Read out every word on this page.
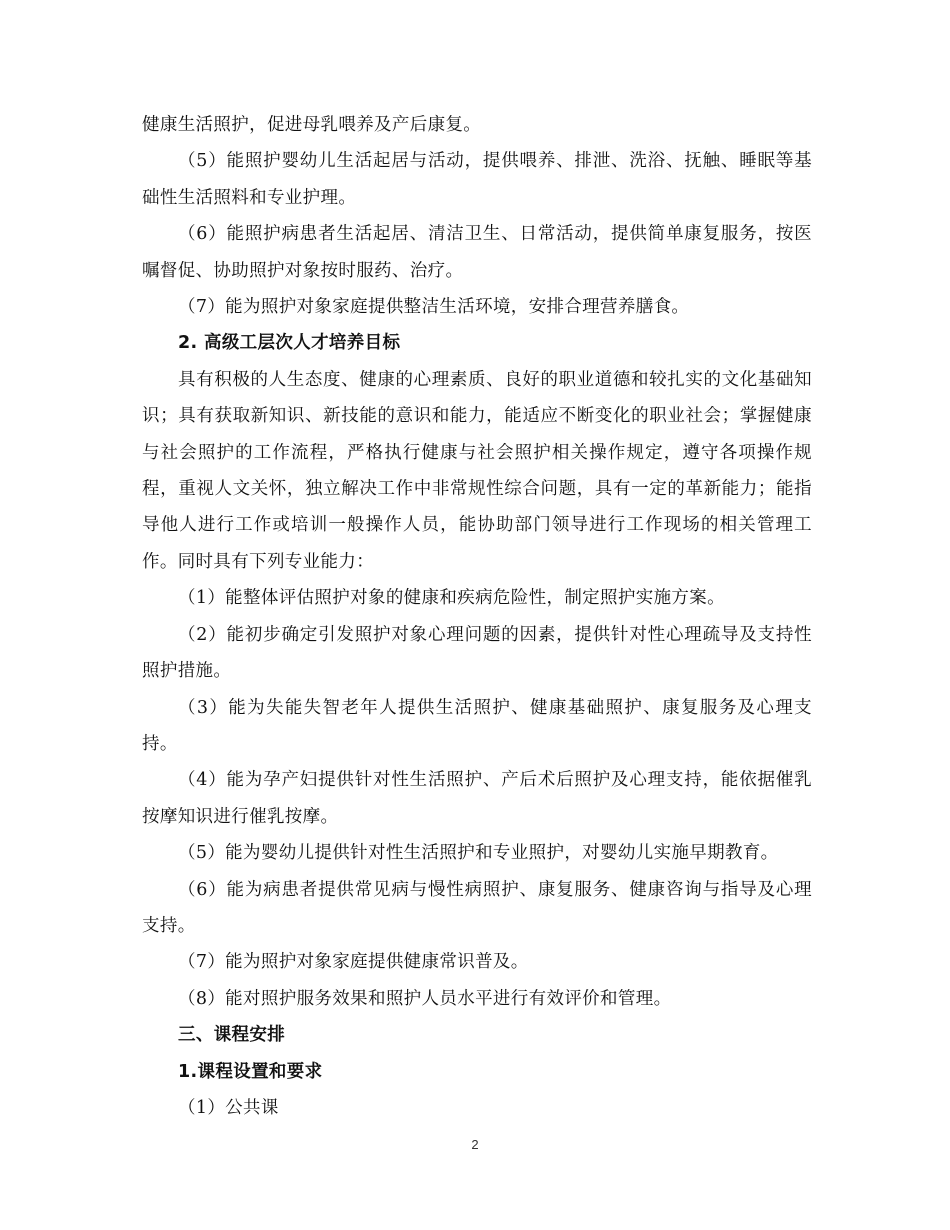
健康生活照护，促进母乳喂养及产后康复。

（5）能照护婴幼儿生活起居与活动，提供喂养、排泄、洗浴、抚触、睡眠等基础性生活照料和专业护理。

（6）能照护病患者生活起居、清洁卫生、日常活动，提供简单康复服务，按医嘱督促、协助照护对象按时服药、治疗。

（7）能为照护对象家庭提供整洁生活环境，安排合理营养膳食。

2. 高级工层次人才培养目标

具有积极的人生态度、健康的心理素质、良好的职业道德和较扎实的文化基础知识；具有获取新知识、新技能的意识和能力，能适应不断变化的职业社会；掌握健康与社会照护的工作流程，严格执行健康与社会照护相关操作规定，遵守各项操作规程，重视人文关怀，独立解决工作中非常规性综合问题，具有一定的革新能力；能指导他人进行工作或培训一般操作人员，能协助部门领导进行工作现场的相关管理工作。同时具有下列专业能力：

（1）能整体评估照护对象的健康和疾病危险性，制定照护实施方案。

（2）能初步确定引发照护对象心理问题的因素，提供针对性心理疏导及支持性照护措施。

（3）能为失能失智老年人提供生活照护、健康基础照护、康复服务及心理支持。

（4）能为孕产妇提供针对性生活照护、产后术后照护及心理支持，能依据催乳按摩知识进行催乳按摩。

（5）能为婴幼儿提供针对性生活照护和专业照护，对婴幼儿实施早期教育。

（6）能为病患者提供常见病与慢性病照护、康复服务、健康咨询与指导及心理支持。

（7）能为照护对象家庭提供健康常识普及。

（8）能对照护服务效果和照护人员水平进行有效评价和管理。

三、课程安排

1.课程设置和要求

（1）公共课

2
